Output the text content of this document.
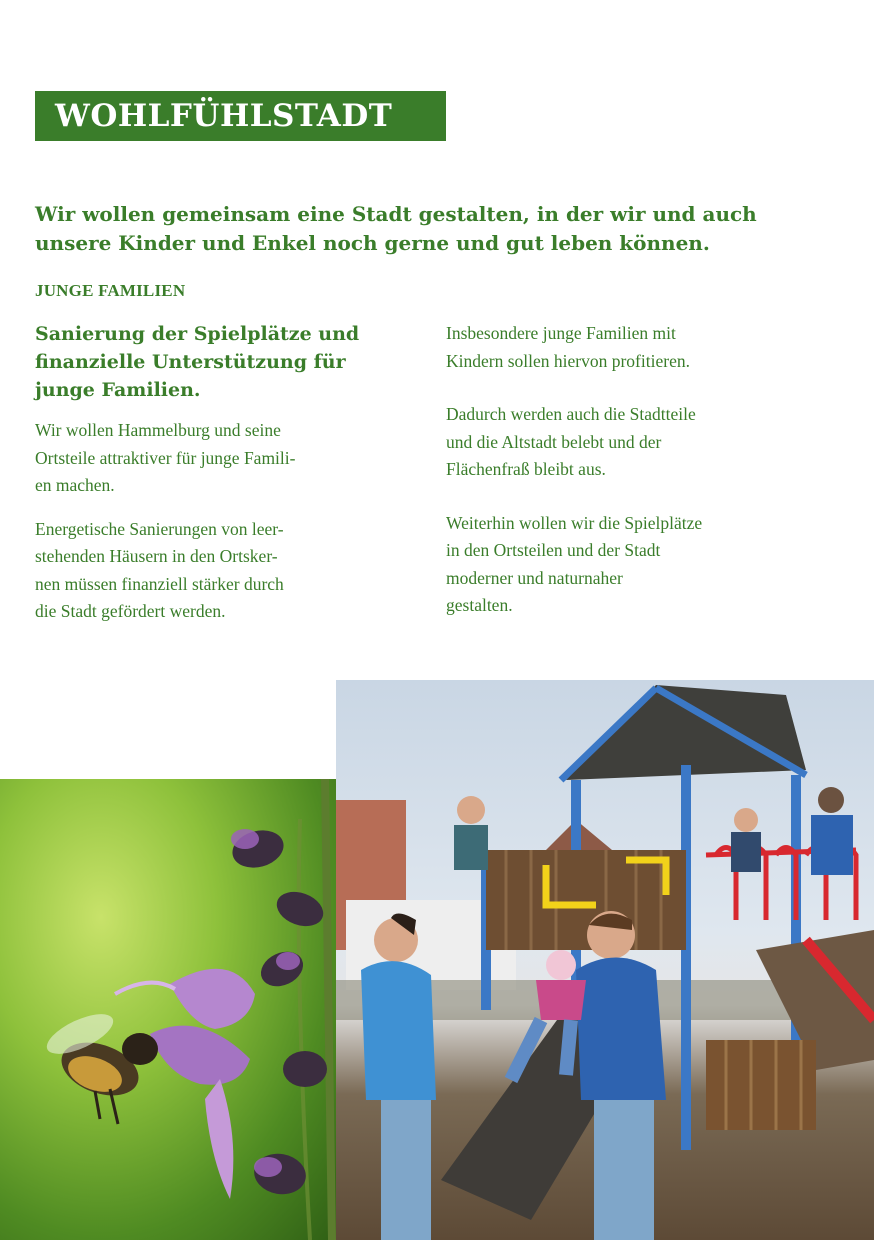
WOHLFÜHLSTADT
Wir wollen gemeinsam eine Stadt gestalten, in der wir und auch
unsere Kinder und Enkel noch gerne und gut leben können.
JUNGE FAMILIEN
Sanierung der Spielplätze und
finanzielle Unterstützung für
junge Familien.
Wir wollen Hammelburg und seine
Ortsteile attraktiver für junge Famili-
en machen.
Energetische Sanierungen von leer-
stehenden Häusern in den Ortsker-
nen müssen finanziell stärker durch
die Stadt gefördert werden.
Insbesondere junge Familien mit
Kindern sollen hiervon profitieren.
Dadurch werden auch die Stadtteile
und die Altstadt belebt und der
Flächenfraß bleibt aus.
Weiterhin wollen wir die Spielplätze
in den Ortsteilen und der Stadt
moderner und naturnaher
gestalten.
